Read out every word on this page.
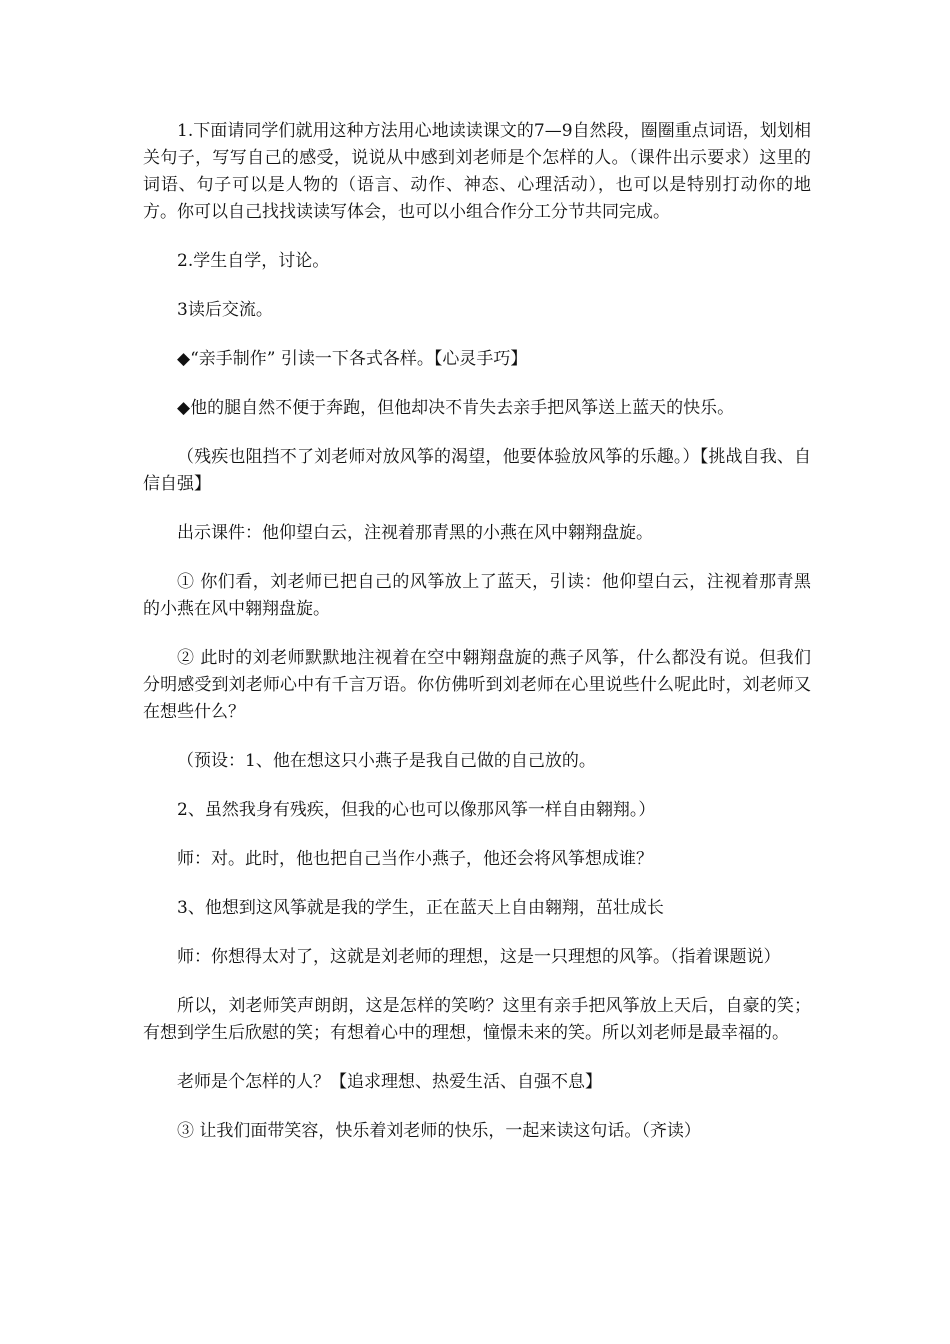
1.下面请同学们就用这种方法用心地读读课文的7—9自然段，圈圈重点词语，划划相关句子，写写自己的感受，说说从中感到刘老师是个怎样的人。（课件出示要求）这里的词语、句子可以是人物的（语言、动作、神态、心理活动），也可以是特别打动你的地方。你可以自己找找读读写体会，也可以小组合作分工分节共同完成。

2.学生自学，讨论。

3读后交流。

◆“亲手制作” 引读一下各式各样。【心灵手巧】

◆他的腿自然不便于奔跑，但他却决不肯失去亲手把风筝送上蓝天的快乐。

（残疾也阻挡不了刘老师对放风筝的渴望，他要体验放风筝的乐趣。）【挑战自我、自信自强】

出示课件：他仰望白云，注视着那青黑的小燕在风中翱翔盘旋。

① 你们看，刘老师已把自己的风筝放上了蓝天，引读：他仰望白云，注视着那青黑的小燕在风中翱翔盘旋。

② 此时的刘老师默默地注视着在空中翱翔盘旋的燕子风筝，什么都没有说。但我们分明感受到刘老师心中有千言万语。你仿佛听到刘老师在心里说些什么呢此时，刘老师又在想些什么？

（预设：1、他在想这只小燕子是我自己做的自己放的。

2、虽然我身有残疾，但我的心也可以像那风筝一样自由翱翔。）

师：对。此时，他也把自己当作小燕子，他还会将风筝想成谁？

3、他想到这风筝就是我的学生，正在蓝天上自由翱翔，茁壮成长

师：你想得太对了，这就是刘老师的理想，这是一只理想的风筝。（指着课题说）

所以，刘老师笑声朗朗，这是怎样的笑哟？这里有亲手把风筝放上天后，自豪的笑；有想到学生后欣慰的笑；有想着心中的理想，憧憬未来的笑。所以刘老师是最幸福的。

老师是个怎样的人？【追求理想、热爱生活、自强不息】

③ 让我们面带笑容，快乐着刘老师的快乐，一起来读这句话。（齐读）
